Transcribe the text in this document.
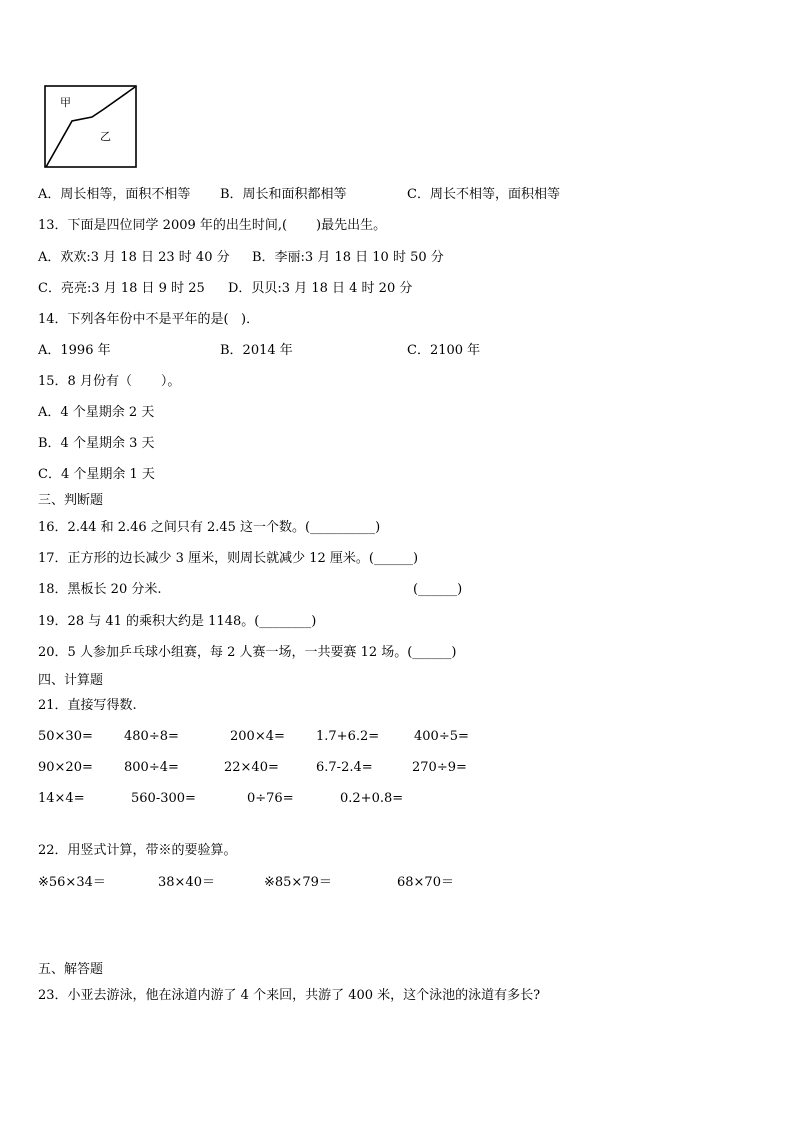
甲
乙
A．周长相等，面积不相等 B．周长和面积都相等	C．周长不相等，面积相等
13．下面是四位同学 2009 年的出生时间,(       )最先出生。
A．欢欢:3 月 18 日 23 时 40 分 B．李丽:3 月 18 日 10 时 50 分
C．亮亮:3 月 18 日 9 时 25 D．贝贝:3 月 18 日 4 时 20 分
14．下列各年份中不是平年的是(   )．
A．1996 年	B．2014 年	C．2100 年
15．8 月份有（       ）。
A．4 个星期余 2 天
B．4 个星期余 3 天
C．4 个星期余 1 天
三、判断题
16．2.44 和 2.46 之间只有 2.45 这一个数。(__________)
17．正方形的边长减少 3 厘米，则周长就减少 12 厘米。(______)
18．黑板长 20 分米.	(______)
19．28 与 41 的乘积大约是 1148。(________)
20．5 人参加乒乓球小组赛，每 2 人赛一场，一共要赛 12 场。(______)
四、计算题
21．直接写得数.
50×30= 480÷8=	200×4= 1.7+6.2=	400÷5=
90×20= 800÷4=	22×40=	6.7-2.4=	270÷9=
14×4=	560-300=	0÷76=	0.2+0.8=
22．用竖式计算，带※的要验算。
※56×34＝	38×40＝	※85×79＝	68×70＝
五、解答题
23．小亚去游泳，他在泳道内游了 4 个来回，共游了 400 米，这个泳池的泳道有多长?
